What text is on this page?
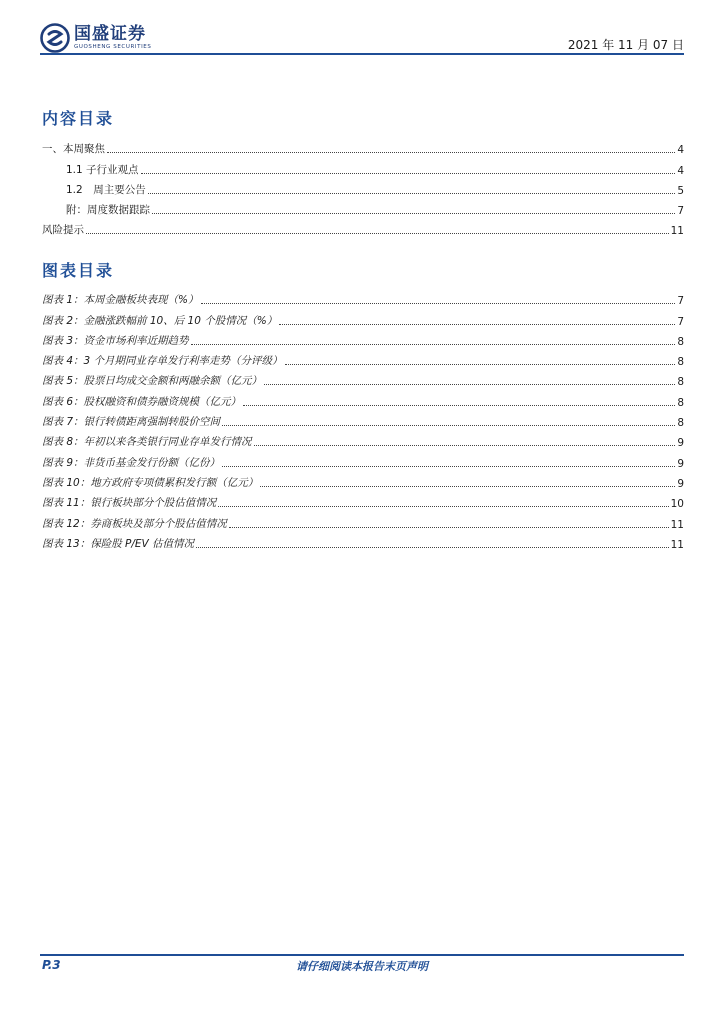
国盛证券
GUOSHENG SECURITIES	2021 年 11 月 07 日
内容目录
一、本周聚焦	4
1.1 子行业观点	4
1.2　周主要公告	5
附：周度数据跟踪	7
风险提示	11
图表目录
图表 1：本周金融板块表现（%）	7
图表 2：金融涨跌幅前 10、后 10 个股情况（%）	7
图表 3：资金市场利率近期趋势	8
图表 4：3 个月期同业存单发行利率走势（分评级）	8
图表 5：股票日均成交金额和两融余额（亿元）	8
图表 6：股权融资和债券融资规模（亿元）	8
图表 7：银行转债距离强制转股价空间	8
图表 8：年初以来各类银行同业存单发行情况	9
图表 9：非货币基金发行份额（亿份）	9
图表 10：地方政府专项债累积发行额（亿元）	9
图表 11：银行板块部分个股估值情况	10
图表 12：券商板块及部分个股估值情况	11
图表 13：保险股 P/EV 估值情况	11
P.3	请仔细阅读本报告末页声明
